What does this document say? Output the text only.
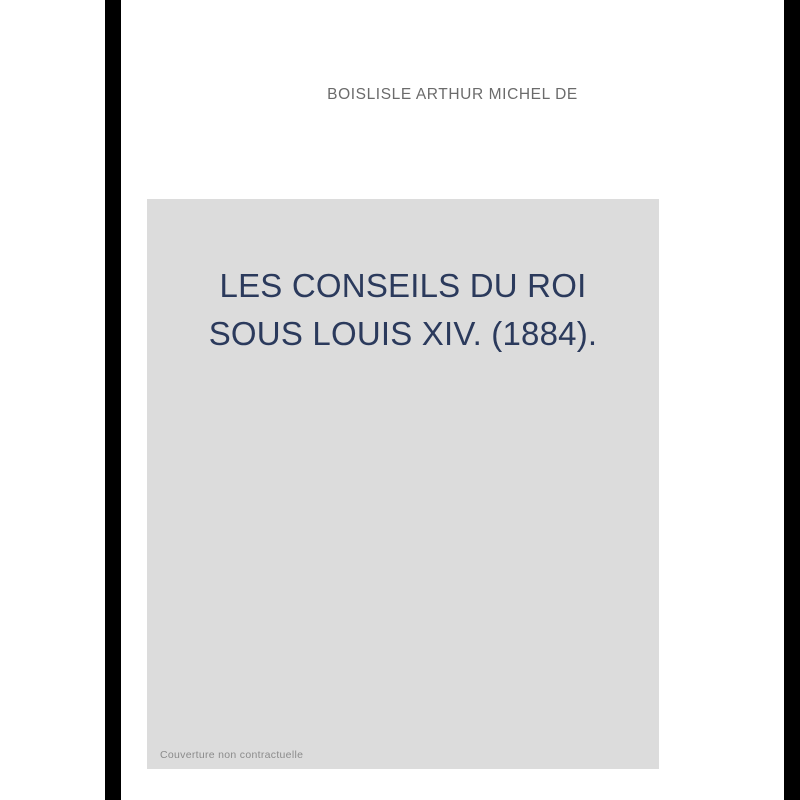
BOISLISLE ARTHUR MICHEL DE
LES CONSEILS DU ROI
SOUS LOUIS XIV. (1884).
Couverture non contractuelle
